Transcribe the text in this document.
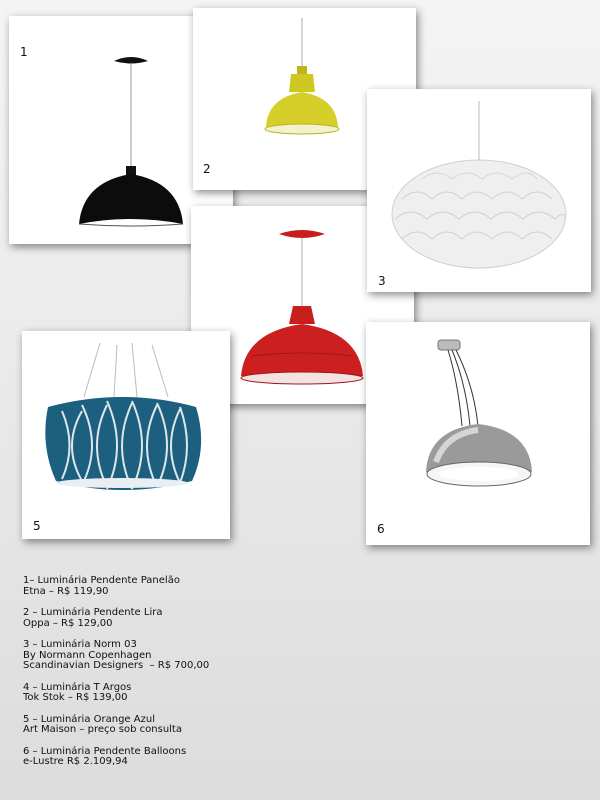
1
2
3
5	6
1– Luminária Pendente Panelão
Etna – R$ 119,90
2 – Luminária Pendente Lira
Oppa – R$ 129,00
3 – Luminária Norm 03
By Normann Copenhagen
Scandinavian Designers  – R$ 700,00
4 – Luminária T Argos
Tok Stok – R$ 139,00
5 – Luminária Orange Azul
Art Maison – preço sob consulta
6 – Luminária Pendente Balloons
e-Lustre R$ 2.109,94
